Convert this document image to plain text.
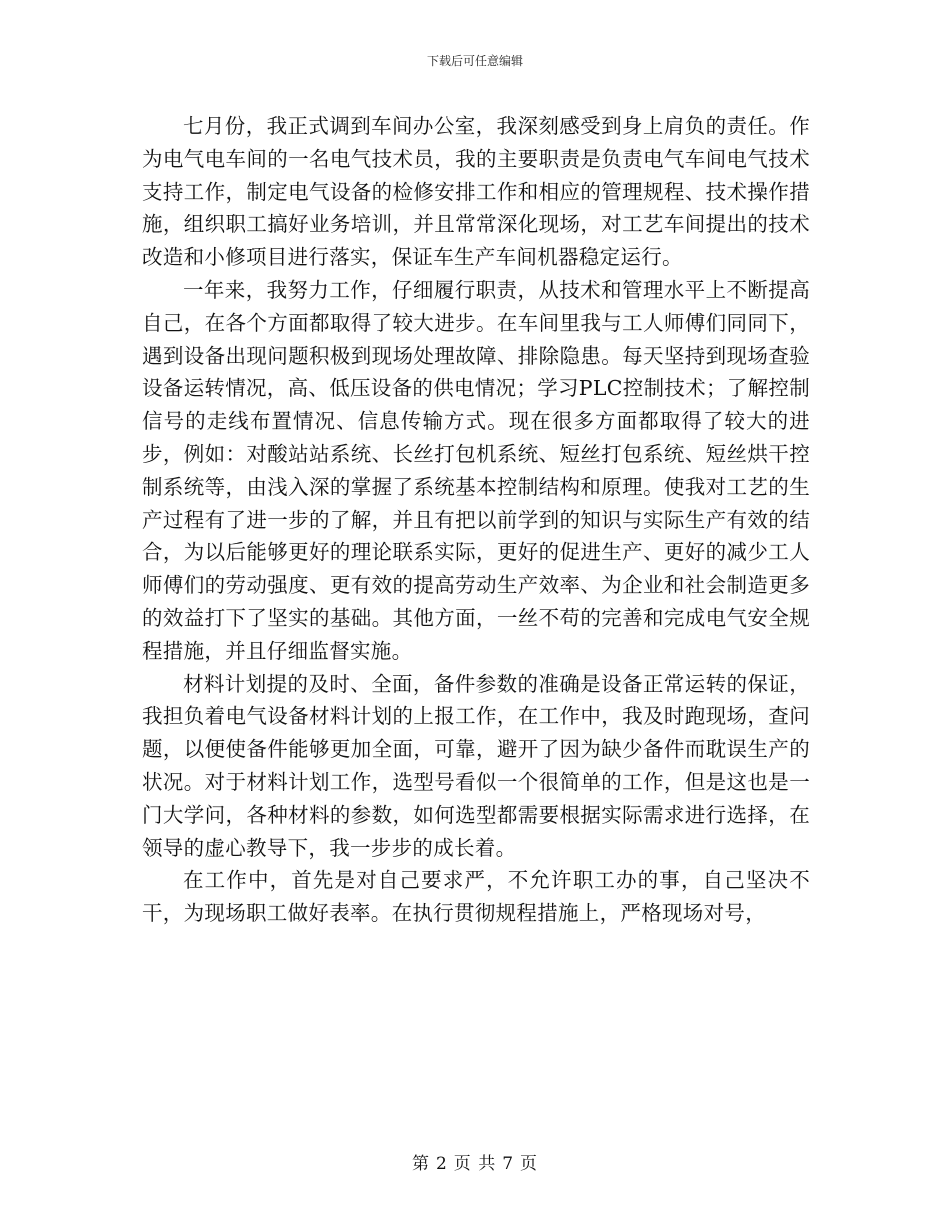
下载后可任意编辑

七月份，我正式调到车间办公室，我深刻感受到身上肩负的责任。作为电气电车间的一名电气技术员，我的主要职责是负责电气车间电气技术支持工作，制定电气设备的检修安排工作和相应的管理规程、技术操作措施，组织职工搞好业务培训，并且常常深化现场，对工艺车间提出的技术改造和小修项目进行落实，保证车生产车间机器稳定运行。

一年来，我努力工作，仔细履行职责，从技术和管理水平上不断提高自己，在各个方面都取得了较大进步。在车间里我与工人师傅们同同下，遇到设备出现问题积极到现场处理故障、排除隐患。每天坚持到现场查验设备运转情况，高、低压设备的供电情况；学习PLC控制技术；了解控制信号的走线布置情况、信息传输方式。现在很多方面都取得了较大的进步，例如：对酸站站系统、长丝打包机系统、短丝打包系统、短丝烘干控制系统等，由浅入深的掌握了系统基本控制结构和原理。使我对工艺的生产过程有了进一步的了解，并且有把以前学到的知识与实际生产有效的结合，为以后能够更好的理论联系实际，更好的促进生产、更好的减少工人师傅们的劳动强度、更有效的提高劳动生产效率、为企业和社会制造更多的效益打下了坚实的基础。其他方面，一丝不苟的完善和完成电气安全规程措施，并且仔细监督实施。

材料计划提的及时、全面，备件参数的准确是设备正常运转的保证，我担负着电气设备材料计划的上报工作，在工作中，我及时跑现场，查问题，以便使备件能够更加全面，可靠，避开了因为缺少备件而耽误生产的状况。对于材料计划工作，选型号看似一个很简单的工作，但是这也是一门大学问，各种材料的参数，如何选型都需要根据实际需求进行选择，在领导的虚心教导下，我一步步的成长着。

在工作中，首先是对自己要求严，不允许职工办的事，自己坚决不干，为现场职工做好表率。在执行贯彻规程措施上，严格现场对号，

第 2 页 共 7 页
